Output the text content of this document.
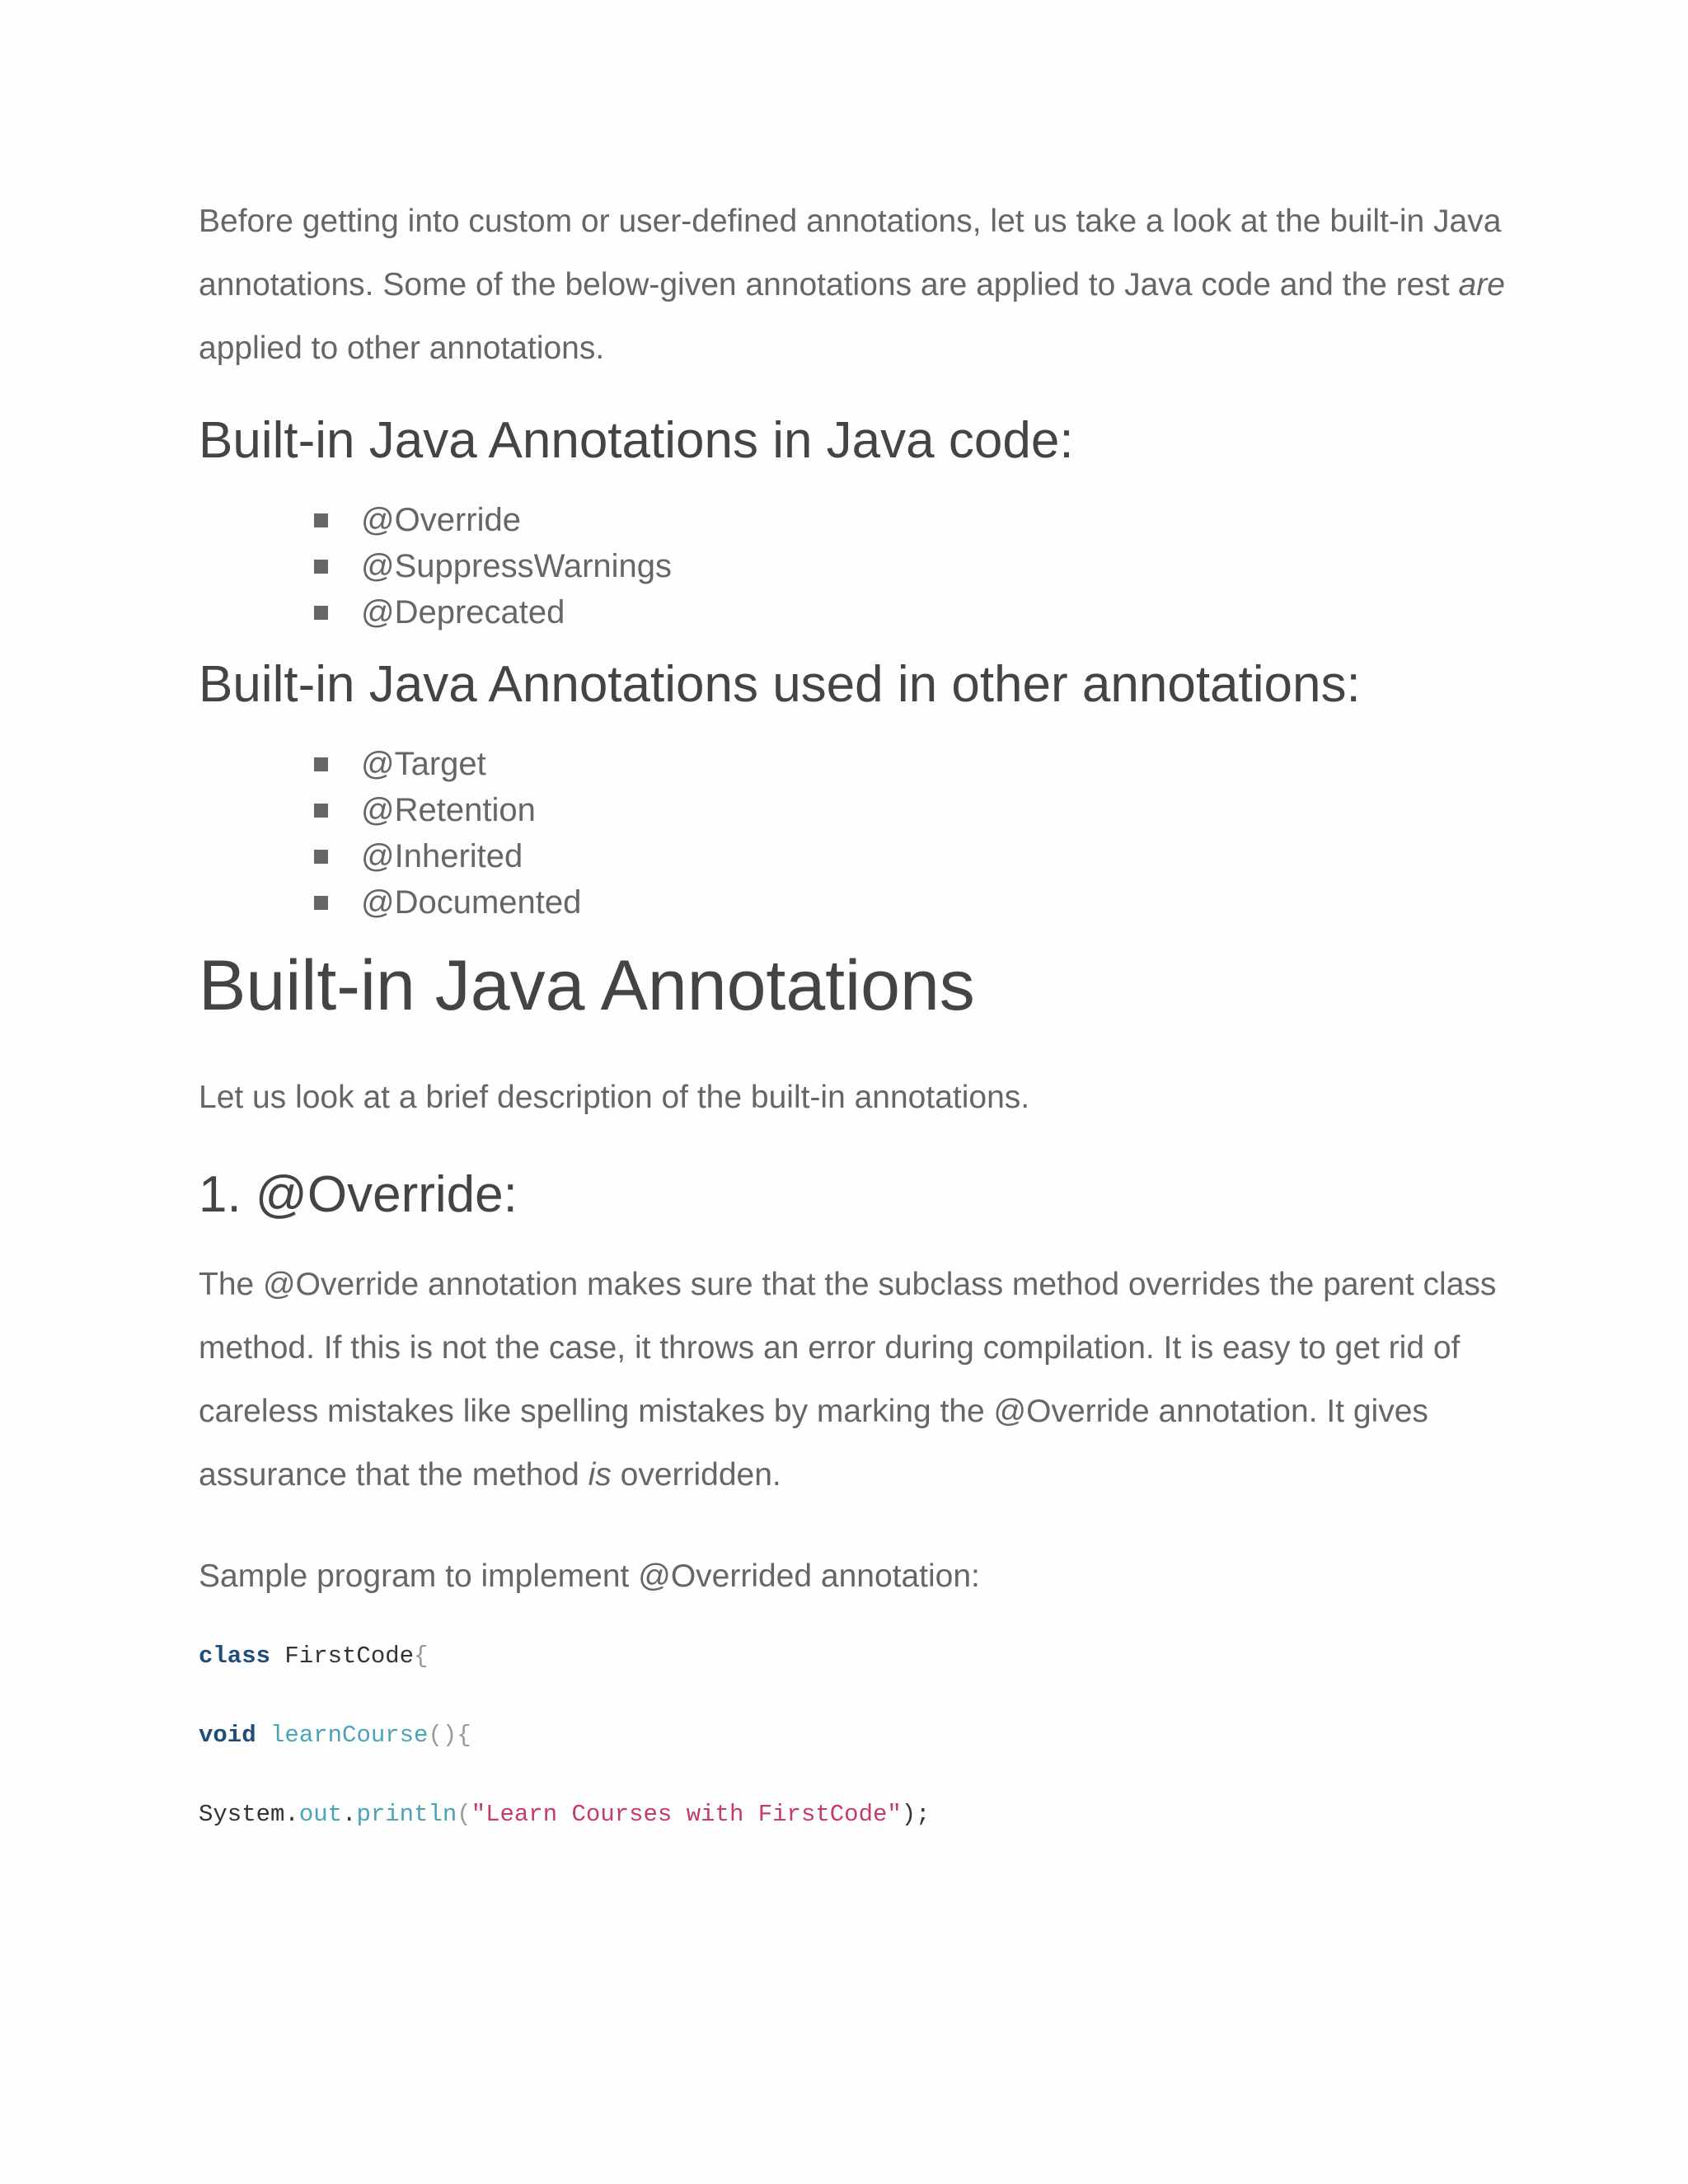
Before getting into custom or user-defined annotations, let us take a look at the built-in Java annotations. Some of the below-given annotations are applied to Java code and the rest are applied to other annotations.

Built-in Java Annotations in Java code:
@Override
@SuppressWarnings
@Deprecated
Built-in Java Annotations used in other annotations:
@Target
@Retention
@Inherited
@Documented
Built-in Java Annotations

Let us look at a brief description of the built-in annotations.

1. @Override:

The @Override annotation makes sure that the subclass method overrides the parent class method. If this is not the case, it throws an error during compilation. It is easy to get rid of careless mistakes like spelling mistakes by marking the @Override annotation. It gives assurance that the method is overridden.

Sample program to implement @Overrided annotation:

class FirstCode{
void learnCourse(){
System.out.println("Learn Courses with FirstCode");
